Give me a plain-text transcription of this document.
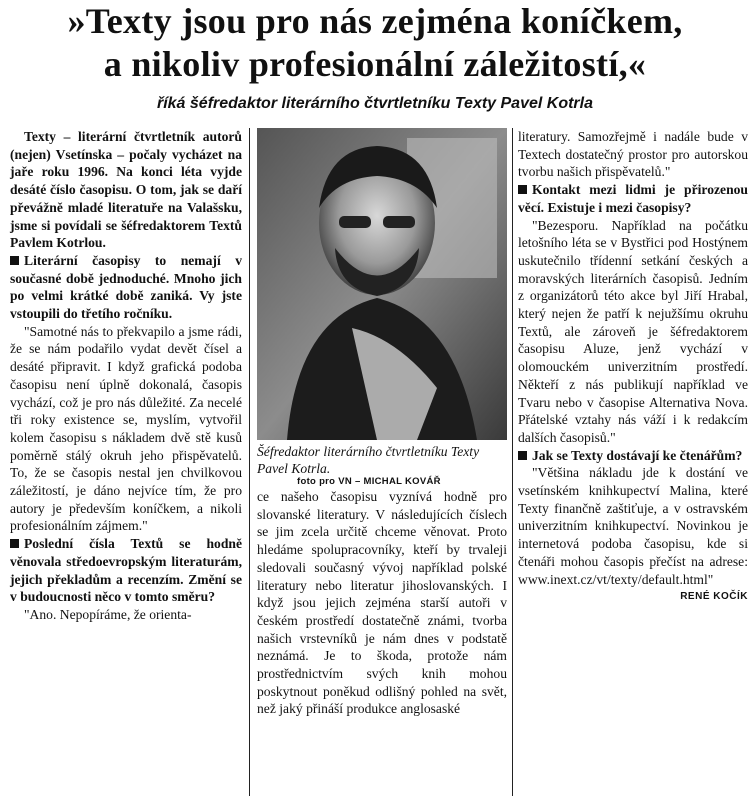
»Texty jsou pro nás zejména koníčkem,
a nikoliv profesionální záležitostí,«
říká šéfredaktor literárního čtvrtletníku Texty Pavel Kotrla

Texty – literární čtvrtletník autorů (nejen) Vsetínska – počaly vycházet na jaře roku 1996. Na konci léta vyjde desáté číslo časopisu. O tom, jak se daří převážně mladé literatuře na Valašsku, jsme si povídali se šéfredaktorem Textů Pavlem Kotrlou.

Literární časopisy to nemají v současné době jednoduché. Mnoho jich po velmi krátké době zaniká. Vy jste vstoupili do třetího ročníku.

"Samotné nás to překvapilo a jsme rádi, že se nám podařilo vydat devět čísel a desáté připravit. I když grafická podoba časopisu není úplně dokonalá, časopis vychází, což je pro nás důležité. Za necelé tři roky existence se, myslím, vytvořil kolem časopisu s nákladem dvě stě kusů poměrně stálý okruh jeho přispěvatelů. To, že se časopis nestal jen chvilkovou záležitostí, je dáno nejvíce tím, že pro autory je především koníčkem, a nikoli profesionálním zájmem."

Poslední čísla Textů se hodně věnovala středoevropským literaturám, jejich překladům a recenzím. Změní se v budoucnosti něco v tomto směru?

"Ano. Nepopíráme, že orienta-

Šéfredaktor literárního čtvrtletníku Texty Pavel Kotrla.
foto pro VN – MICHAL KOVÁŘ
ce našeho časopisu vyznívá hodně pro slovanské literatury. V následujících číslech se jim zcela určitě chceme věnovat. Proto hledáme spolupracovníky, kteří by trvaleji sledovali současný vývoj například polské literatury nebo literatur jihoslovanských. I když jsou jejich zejména starší autoři v českém prostředí dostatečně známi, tvorba našich vrstevníků je nám dnes v podstatě neznámá. Je to škoda, protože nám prostřednictvím svých knih mohou poskytnout poněkud odlišný pohled na svět, než jaký přináší produkce anglosaské

literatury. Samozřejmě i nadále bude v Textech dostatečný prostor pro autorskou tvorbu našich přispěvatelů."

Kontakt mezi lidmi je přirozenou věcí. Existuje i mezi časopisy?

"Bezesporu. Například na počátku letošního léta se v Bystřici pod Hostýnem uskutečnilo třídenní setkání českých a moravských literárních časopisů. Jedním z organizátorů této akce byl Jiří Hrabal, který nejen že patří k nejužšímu okruhu Textů, ale zároveň je šéfredaktorem časopisu Aluze, jenž vychází v olomouckém univerzitním prostředí. Někteří z nás publikují například ve Tvaru nebo v časopise Alternativa Nova. Přátelské vztahy nás váží i k redakcím dalších časopisů."

Jak se Texty dostávají ke čtenářům?

"Většina nákladu jde k dostání ve vsetínském knihkupectví Malina, které Texty finančně zaštiťuje, a v ostravském univerzitním knihkupectví. Novinkou je internetová podoba časopisu, kde si čtenáři mohou časopis přečíst na adrese: www.inext.cz/vt/texty/default.html"

RENÉ KOČÍK
